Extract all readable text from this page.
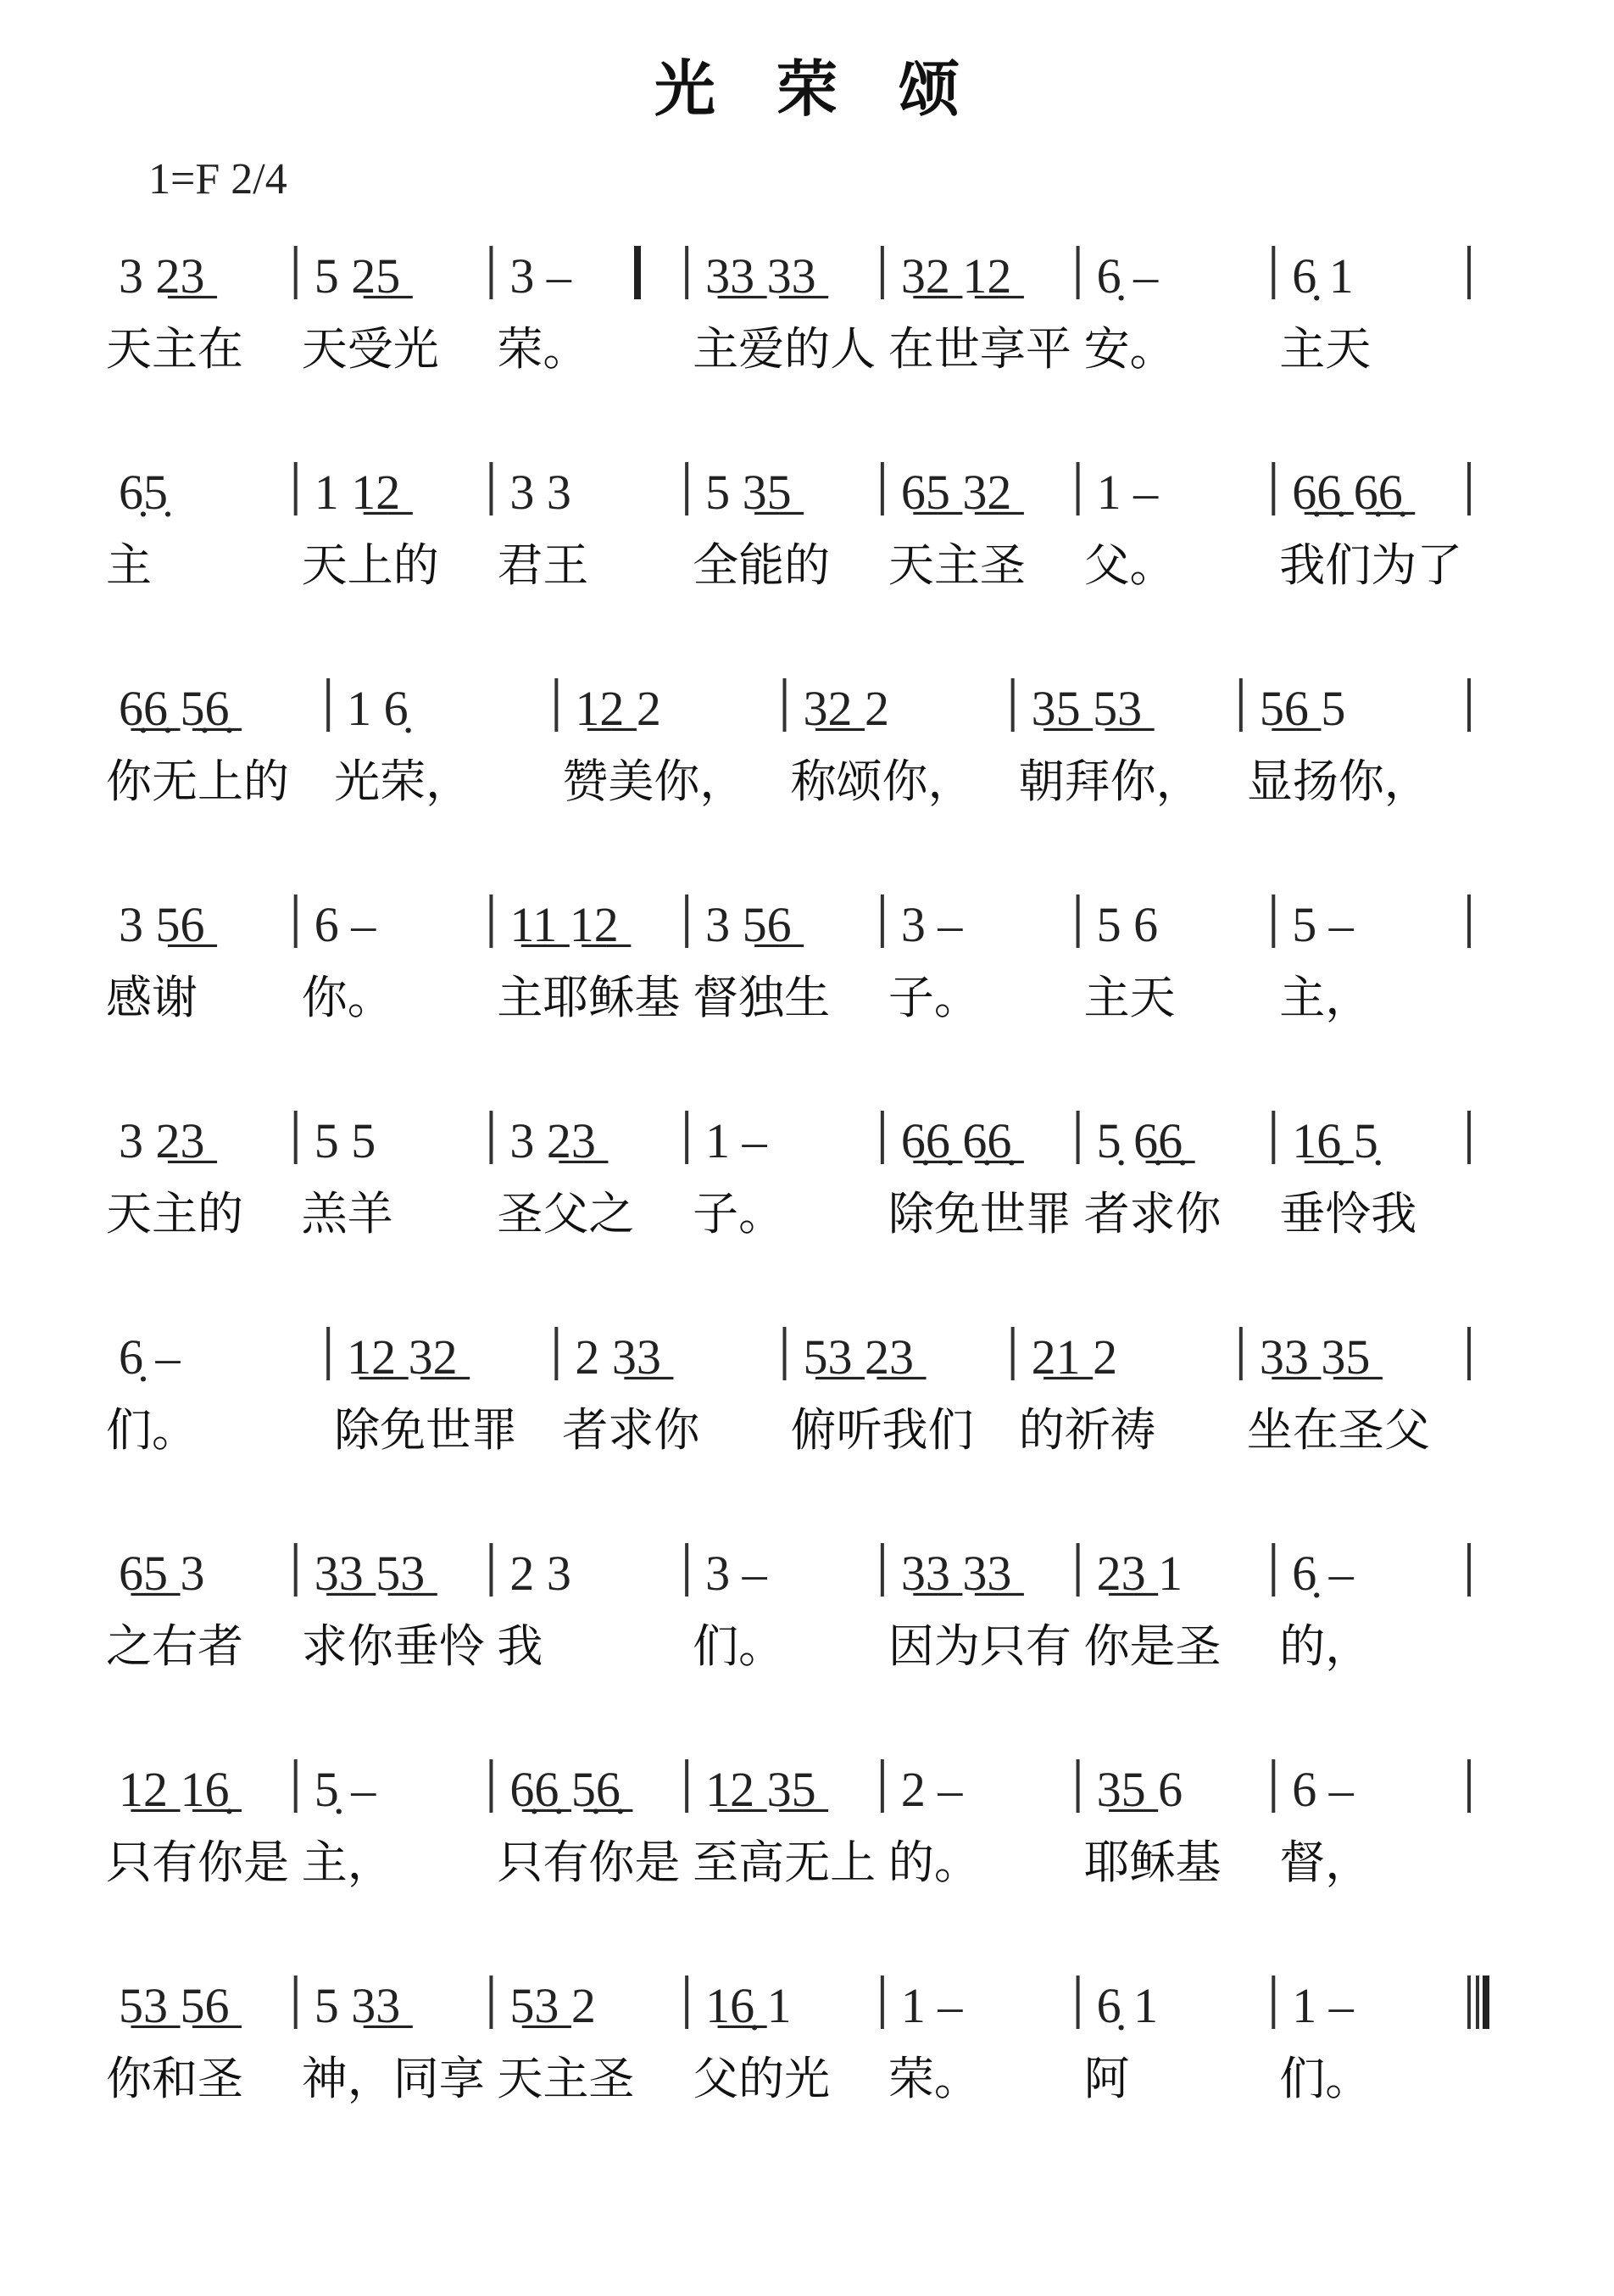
光　荣　颂
1=F 2/4
3 2̲3̲
天主在
5 2̲5̲
天受光
3 –
荣。
3̲3̲ 3̲3̲
主爱的人
3̲2̲ 1̲2̲
在世享平
6̣ –
安。
6̣ 1
主天
6̣5̣
主
1 1̲2̲
天上的
3 3
君王
5 3̲5̲
全能的
6̲5̲ 3̲2̲
天主圣
1 –
父。
6̣̲6̣̲ 6̣̲6̣̲
我们为了
6̣̲6̣̲ 5̣̲6̣̲
你无上的
1 6̣
光荣，
1̲2̲ 2
赞美你，
3̲2̲ 2
称颂你，
3̲5̲ 5̲3̲
朝拜你，
5̲6̲ 5
显扬你，
3 5̲6̲
感谢
6 –
你。
1̲1̲ 1̲2̲
主耶稣基
3 5̲6̲
督独生
3 –
子。
5 6
主天
5 –
主，
3 2̲3̲
天主的
5 5
羔羊
3 2̲3̲
圣父之
1 –
子。
6̣̲6̣̲ 6̣̲6̣̲
除免世罪
5̣ 6̣̲6̣̲
者求你
1̲6̣̲ 5̣
垂怜我
6̣ –
们。
1̲2̲ 3̲2̲
除免世罪
2 3̲3̲
者求你
5̲3̲ 2̲3̲
俯听我们
2̲1̲ 2
的祈祷
3̲3̲ 3̲5̲
坐在圣父
6̲5̲ 3
之右者
3̲3̲ 5̲3̲
求你垂怜
2 3
我
3 –
们。
3̲3̲ 3̲3̲
因为只有
2̲3̲ 1
你是圣
6̣ –
的，
1̲2̲ 1̲6̣̲
只有你是
5̣ –
主，
6̣̲6̣̲ 5̣̲6̣̲
只有你是
1̲2̲ 3̲5̲
至高无上
2 –
的。
3̲5̲ 6
耶稣基
6 –
督，
5̲3̲ 5̲6̲
你和圣
5 3̲3̲
神，同享
5̲3̲ 2
天主圣
1̲6̣̲ 1
父的光
1 –
荣。
6̣ 1
阿
1 –
们。
